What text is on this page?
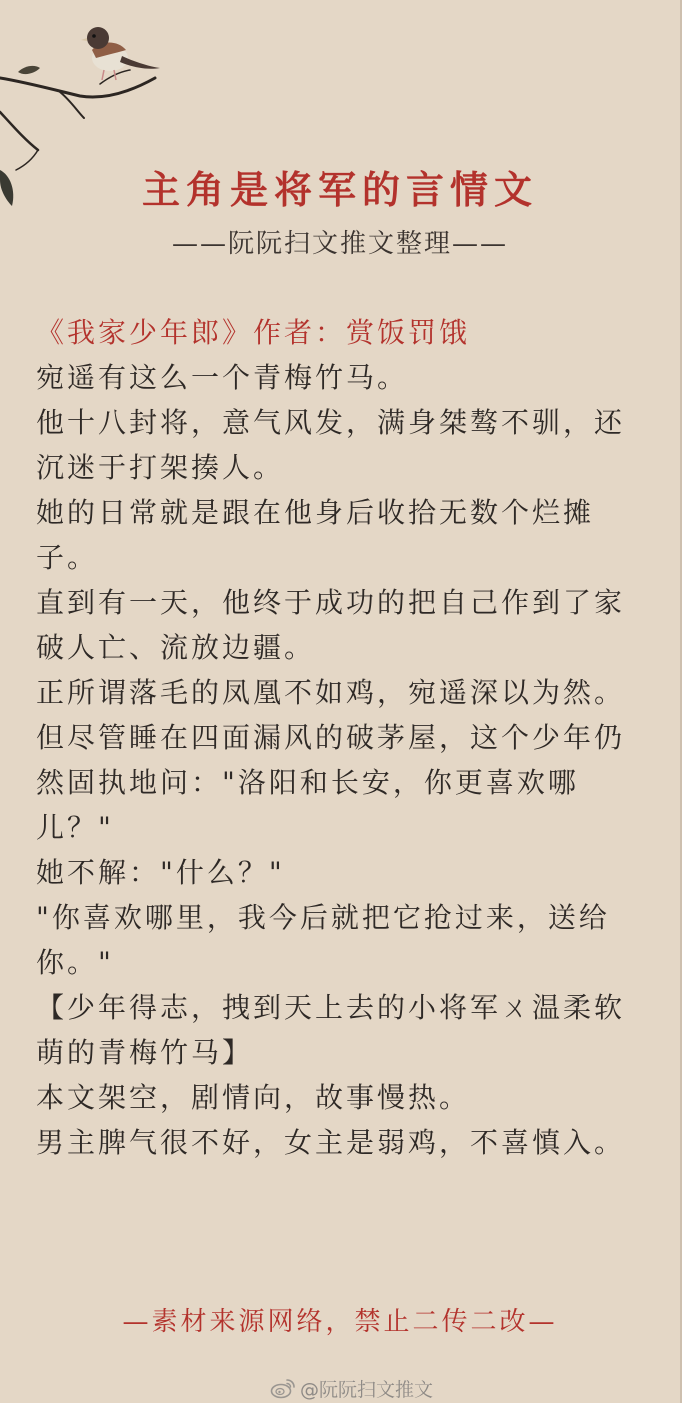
主角是将军的言情文
——阮阮扫文推文整理——

《我家少年郎》作者：赏饭罚饿

宛遥有这么一个青梅竹马。

他十八封将，意气风发，满身桀骜不驯，还沉迷于打架揍人。

她的日常就是跟在他身后收拾无数个烂摊子。

直到有一天，他终于成功的把自己作到了家破人亡、流放边疆。

正所谓落毛的凤凰不如鸡，宛遥深以为然。

但尽管睡在四面漏风的破茅屋，这个少年仍然固执地问："洛阳和长安，你更喜欢哪儿？"

她不解："什么？"

"你喜欢哪里，我今后就把它抢过来，送给你。"

【少年得志，拽到天上去的小将军ㄨ温柔软萌的青梅竹马】

本文架空，剧情向，故事慢热。

男主脾气很不好，女主是弱鸡，不喜慎入。

—素材来源网络，禁止二传二改—
@阮阮扫文推文
